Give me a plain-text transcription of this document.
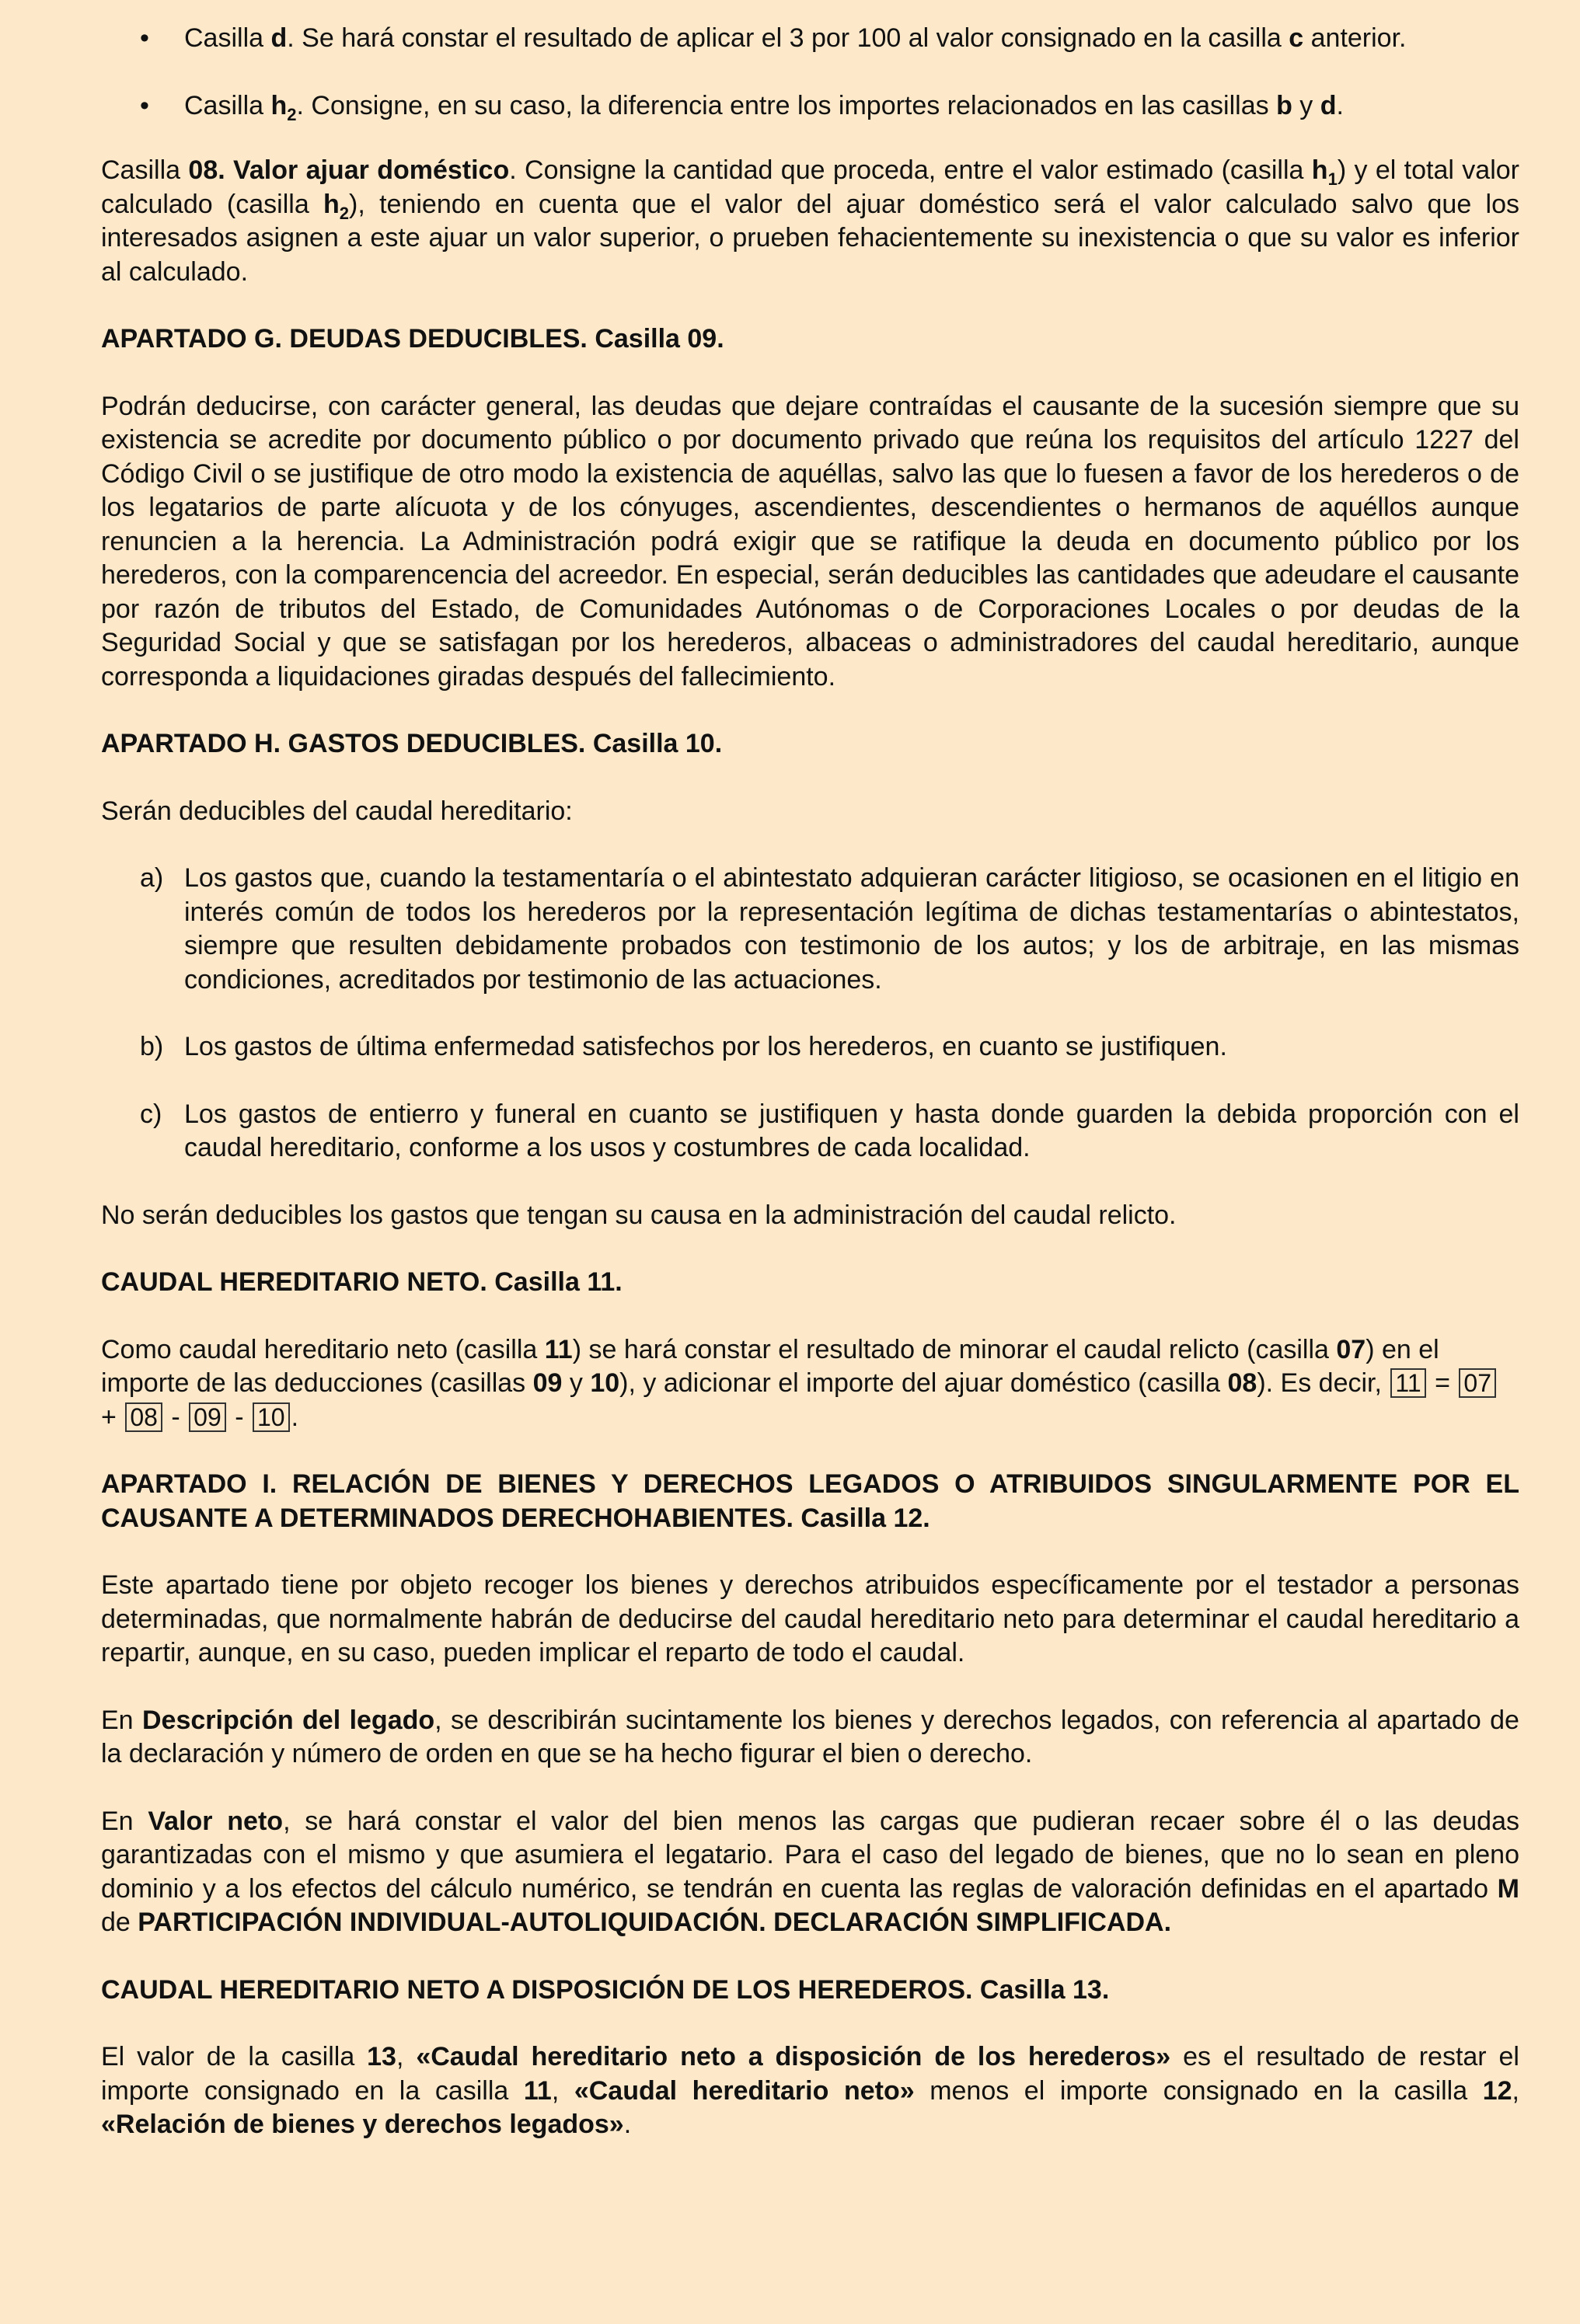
• Casilla d. Se hará constar el resultado de aplicar el 3 por 100 al valor consignado en la casilla c anterior.

• Casilla $h_2$. Consigne, en su caso, la diferencia entre los importes relacionados en las casillas b y d.

Casilla 08. Valor ajuar doméstico. Consigne la cantidad que proceda, entre el valor estimado (casilla $h_1$) y el total valor calculado (casilla $h_2$), teniendo en cuenta que el valor del ajuar doméstico será el valor calculado salvo que los interesados asignen a este ajuar un valor superior, o prueben fehacientemente su inexistencia o que su valor es inferior al calculado.

APARTADO G. DEUDAS DEDUCIBLES. Casilla 09.

Podrán deducirse, con carácter general, las deudas que dejare contraídas el causante de la sucesión siempre que su existencia se acredite por documento público o por documento privado que reúna los requisitos del artículo 1227 del Código Civil o se justifique de otro modo la existencia de aquéllas, salvo las que lo fuesen a favor de los herederos o de los legatarios de parte alícuota y de los cónyuges, ascendientes, descendientes o hermanos de aquéllos aunque renuncien a la herencia. La Administración podrá exigir que se ratifique la deuda en documento público por los herederos, con la comparencencia del acreedor. En especial, serán deducibles las cantidades que adeudare el causante por razón de tributos del Estado, de Comunidades Autónomas o de Corporaciones Locales o por deudas de la Seguridad Social y que se satisfagan por los herederos, albaceas o administradores del caudal hereditario, aunque corresponda a liquidaciones giradas después del fallecimiento.

APARTADO H. GASTOS DEDUCIBLES. Casilla 10.

Serán deducibles del caudal hereditario:

a) Los gastos que, cuando la testamentaría o el abintestato adquieran carácter litigioso, se ocasionen en el litigio en interés común de todos los herederos por la representación legítima de dichas testamentarías o abintestatos, siempre que resulten debidamente probados con testimonio de los autos; y los de arbitraje, en las mismas condiciones, acreditados por testimonio de las actuaciones.

b) Los gastos de última enfermedad satisfechos por los herederos, en cuanto se justifiquen.

c) Los gastos de entierro y funeral en cuanto se justifiquen y hasta donde guarden la debida proporción con el caudal hereditario, conforme a los usos y costumbres de cada localidad.

No serán deducibles los gastos que tengan su causa en la administración del caudal relicto.

CAUDAL HEREDITARIO NETO. Casilla 11.

Como caudal hereditario neto (casilla 11) se hará constar el resultado de minorar el caudal relicto (casilla 07) en el importe de las deducciones (casillas 09 y 10), y adicionar el importe del ajuar doméstico (casilla 08). Es decir, 11 = 07 + 08 - 09 - 10 .

APARTADO I. RELACIÓN DE BIENES Y DERECHOS LEGADOS O ATRIBUIDOS SINGULARMENTE POR EL CAUSANTE A DETERMINADOS DERECHOHABIENTES. Casilla 12.

Este apartado tiene por objeto recoger los bienes y derechos atribuidos específicamente por el testador a personas determinadas, que normalmente habrán de deducirse del caudal hereditario neto para determinar el caudal hereditario a repartir, aunque, en su caso, pueden implicar el reparto de todo el caudal.

En Descripción del legado, se describirán sucintamente los bienes y derechos legados, con referencia al apartado de la declaración y número de orden en que se ha hecho figurar el bien o derecho.

En Valor neto, se hará constar el valor del bien menos las cargas que pudieran recaer sobre él o las deudas garantizadas con el mismo y que asumiera el legatario. Para el caso del legado de bienes, que no lo sean en pleno dominio y a los efectos del cálculo numérico, se tendrán en cuenta las reglas de valoración definidas en el apartado M de PARTICIPACIÓN INDIVIDUAL-AUTOLIQUIDACIÓN. DECLARACIÓN SIMPLIFICADA.

CAUDAL HEREDITARIO NETO A DISPOSICIÓN DE LOS HEREDEROS. Casilla 13.

El valor de la casilla 13, «Caudal hereditario neto a disposición de los herederos» es el resultado de restar el importe consignado en la casilla 11, «Caudal hereditario neto» menos el importe consignado en la casilla 12, «Relación de bienes y derechos legados».
